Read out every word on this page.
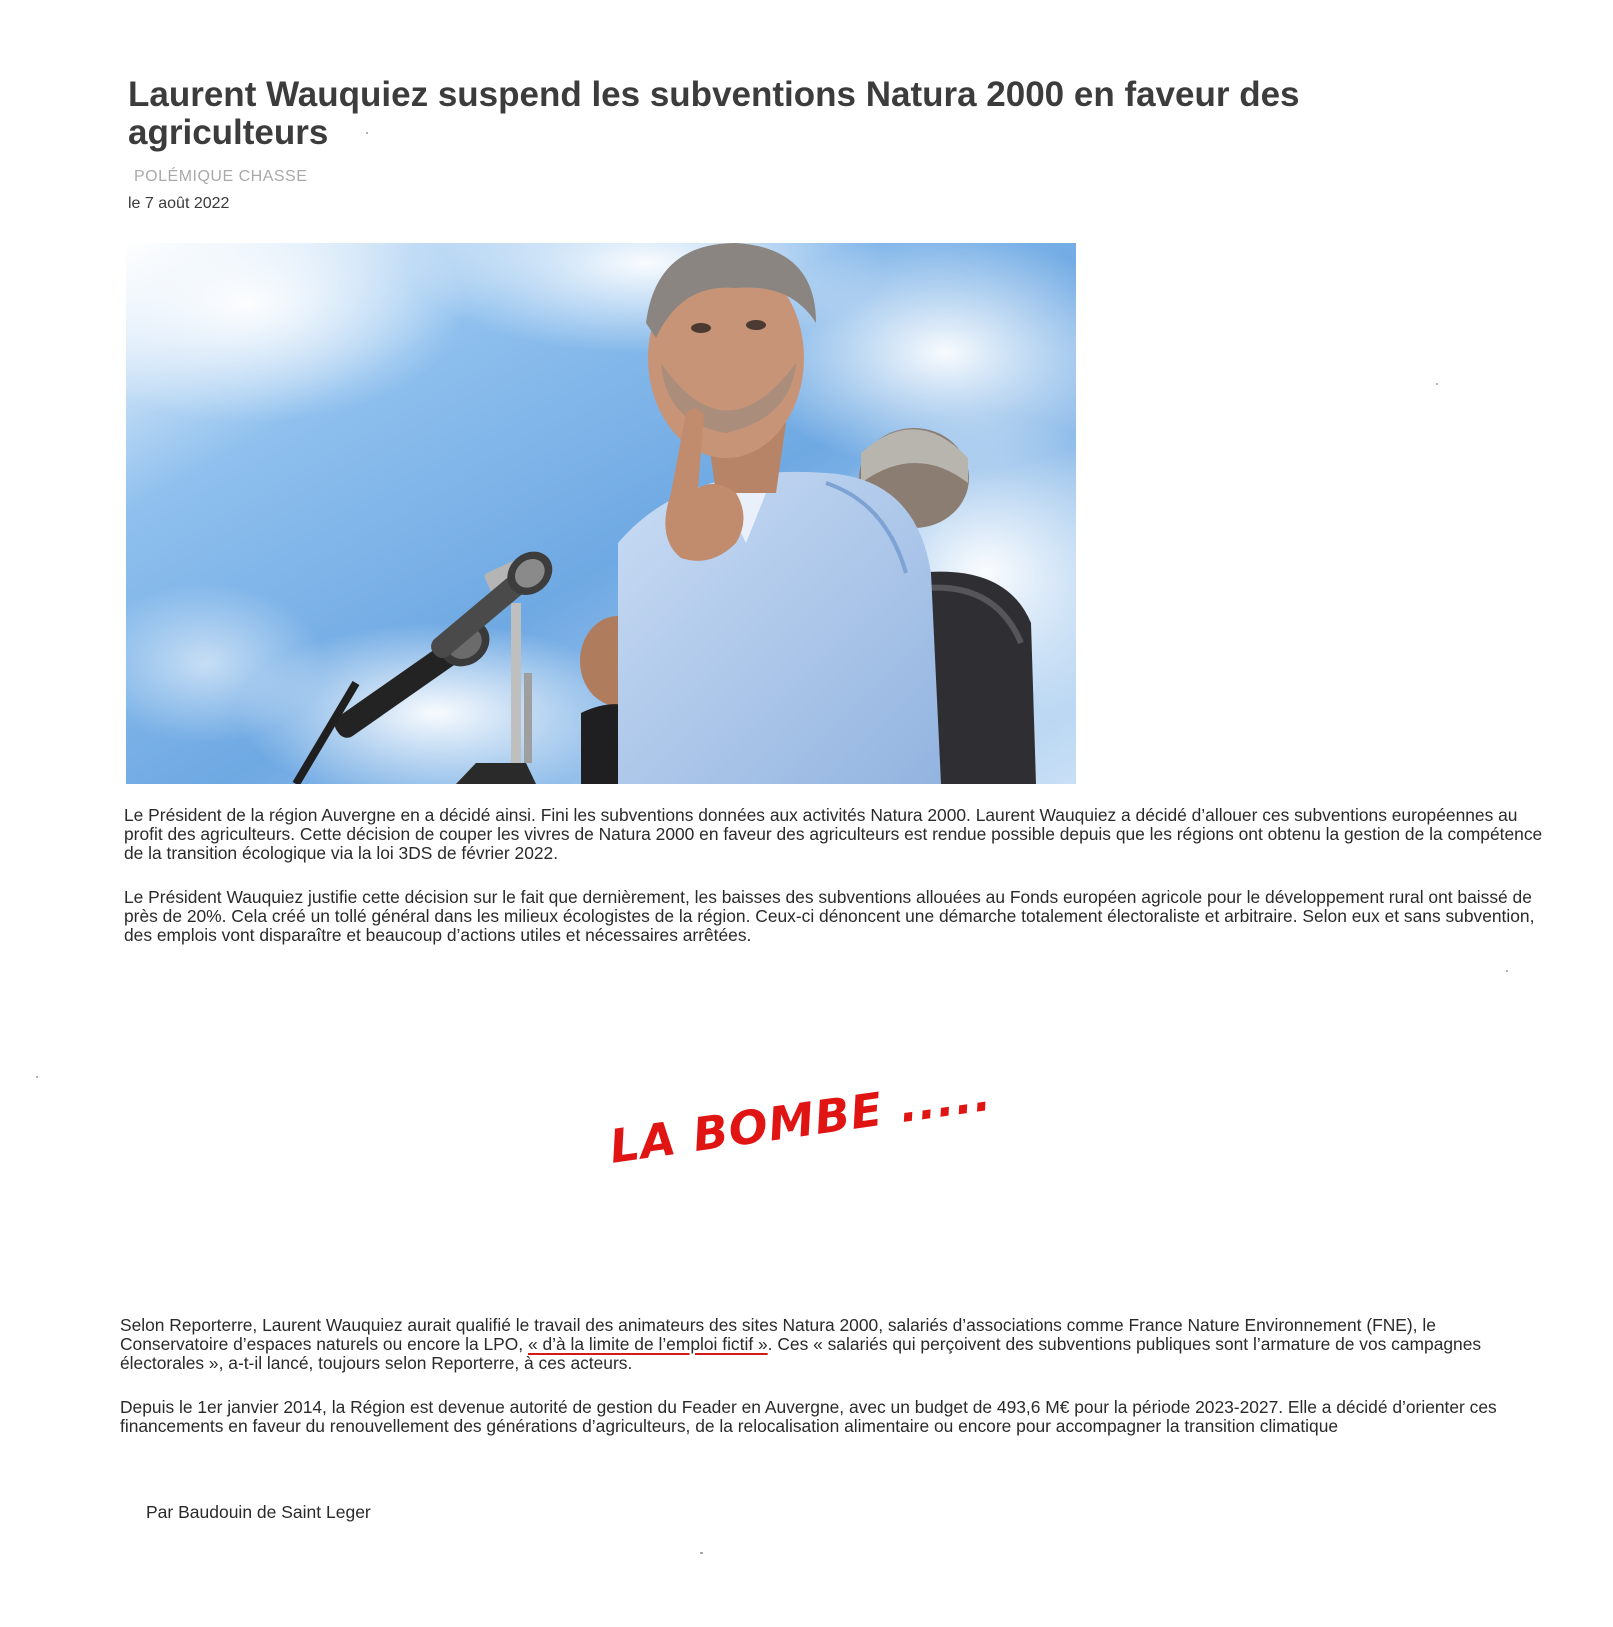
Laurent Wauquiez suspend les subventions Natura 2000 en faveur des agriculteurs
POLÉMIQUE CHASSE
le 7 août 2022

Le Président de la région Auvergne en a décidé ainsi. Fini les subventions données aux activités Natura 2000. Laurent Wauquiez a décidé d’allouer ces subventions européennes au profit des agriculteurs. Cette décision de couper les vivres de Natura 2000 en faveur des agriculteurs est rendue possible depuis que les régions ont obtenu la gestion de la compétence de la transition écologique via la loi 3DS de février 2022.

Le Président Wauquiez justifie cette décision sur le fait que dernièrement, les baisses des subventions allouées au Fonds européen agricole pour le développement rural ont baissé de près de 20%. Cela créé un tollé général dans les milieux écologistes de la région. Ceux-ci dénoncent une démarche totalement électoraliste et arbitraire. Selon eux et sans subvention, des emplois vont disparaître et beaucoup d’actions utiles et nécessaires arrêtées.

LA BOMBE .....

Selon Reporterre, Laurent Wauquiez aurait qualifié le travail des animateurs des sites Natura 2000, salariés d’associations comme France Nature Environnement (FNE), le Conservatoire d’espaces naturels ou encore la LPO, « d’à la limite de l’emploi fictif ». Ces « salariés qui perçoivent des subventions publiques sont l’armature de vos campagnes électorales », a-t-il lancé, toujours selon Reporterre, à ces acteurs.

Depuis le 1er janvier 2014, la Région est devenue autorité de gestion du Feader en Auvergne, avec un budget de 493,6 M€ pour la période 2023-2027. Elle a décidé d’orienter ces financements en faveur du renouvellement des générations d’agriculteurs, de la relocalisation alimentaire ou encore pour accompagner la transition climatique

Par Baudouin de Saint Leger
